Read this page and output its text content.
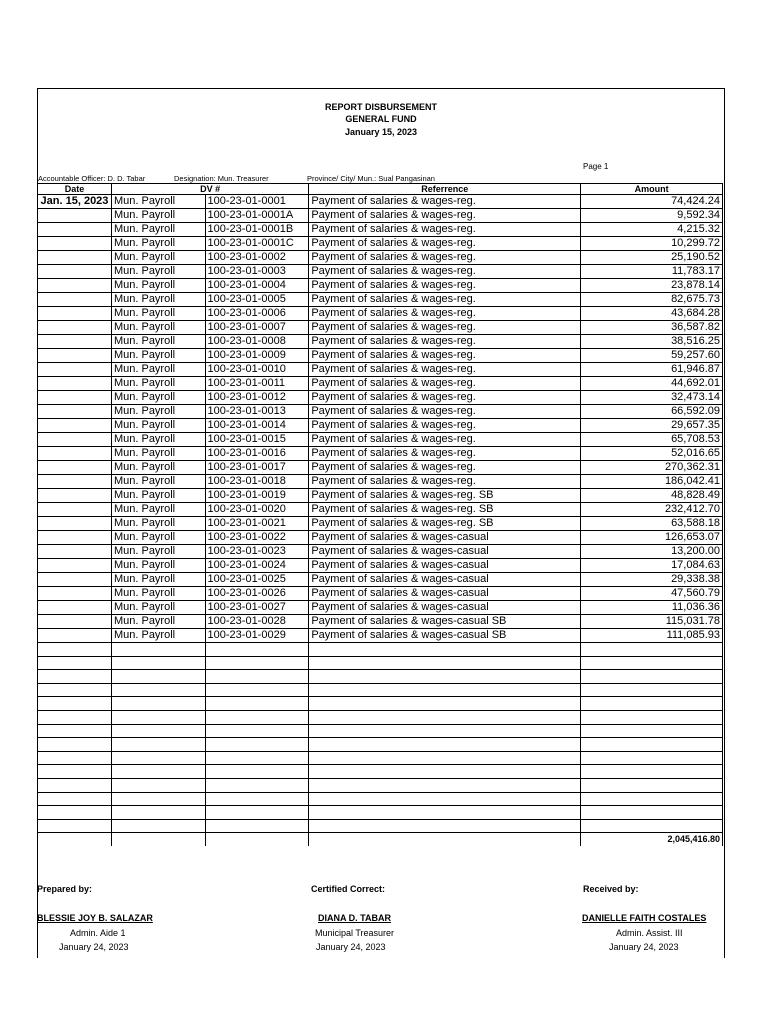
REPORT DISBURSEMENT
GENERAL FUND
January 15, 2023
Page 1
Accountable Officer: D. D. Tabar	Designation: Mun. Treasurer	Province/ City/ Mun.: Sual Pangasinan
Date	DV #		Referrence	Amount
Jan. 15, 2023	Mun. Payroll	100-23-01-0001	Payment of salaries & wages-reg.	74,424.24
	Mun. Payroll	100-23-01-0001A	Payment of salaries & wages-reg.	9,592.34
	Mun. Payroll	100-23-01-0001B	Payment of salaries & wages-reg.	4,215.32
	Mun. Payroll	100-23-01-0001C	Payment of salaries & wages-reg.	10,299.72
	Mun. Payroll	100-23-01-0002	Payment of salaries & wages-reg.	25,190.52
	Mun. Payroll	100-23-01-0003	Payment of salaries & wages-reg.	11,783.17
	Mun. Payroll	100-23-01-0004	Payment of salaries & wages-reg.	23,878.14
	Mun. Payroll	100-23-01-0005	Payment of salaries & wages-reg.	82,675.73
	Mun. Payroll	100-23-01-0006	Payment of salaries & wages-reg.	43,684.28
	Mun. Payroll	100-23-01-0007	Payment of salaries & wages-reg.	36,587.82
	Mun. Payroll	100-23-01-0008	Payment of salaries & wages-reg.	38,516.25
	Mun. Payroll	100-23-01-0009	Payment of salaries & wages-reg.	59,257.60
	Mun. Payroll	100-23-01-0010	Payment of salaries & wages-reg.	61,946.87
	Mun. Payroll	100-23-01-0011	Payment of salaries & wages-reg.	44,692.01
	Mun. Payroll	100-23-01-0012	Payment of salaries & wages-reg.	32,473.14
	Mun. Payroll	100-23-01-0013	Payment of salaries & wages-reg.	66,592.09
	Mun. Payroll	100-23-01-0014	Payment of salaries & wages-reg.	29,657.35
	Mun. Payroll	100-23-01-0015	Payment of salaries & wages-reg.	65,708.53
	Mun. Payroll	100-23-01-0016	Payment of salaries & wages-reg.	52,016.65
	Mun. Payroll	100-23-01-0017	Payment of salaries & wages-reg.	270,362.31
	Mun. Payroll	100-23-01-0018	Payment of salaries & wages-reg.	186,042.41
	Mun. Payroll	100-23-01-0019	Payment of salaries & wages-reg. SB	48,828.49
	Mun. Payroll	100-23-01-0020	Payment of salaries & wages-reg. SB	232,412.70
	Mun. Payroll	100-23-01-0021	Payment of salaries & wages-reg. SB	63,588.18
	Mun. Payroll	100-23-01-0022	Payment of salaries & wages-casual	126,653.07
	Mun. Payroll	100-23-01-0023	Payment of salaries & wages-casual	13,200.00
	Mun. Payroll	100-23-01-0024	Payment of salaries & wages-casual	17,084.63
	Mun. Payroll	100-23-01-0025	Payment of salaries & wages-casual	29,338.38
	Mun. Payroll	100-23-01-0026	Payment of salaries & wages-casual	47,560.79
	Mun. Payroll	100-23-01-0027	Payment of salaries & wages-casual	11,036.36
	Mun. Payroll	100-23-01-0028	Payment of salaries & wages-casual SB	115,031.78
	Mun. Payroll	100-23-01-0029	Payment of salaries & wages-casual SB	111,085.93

				2,045,416.80
Prepared by:	Certified Correct:	Received by:
BLESSIE JOY B. SALAZAR
Admin. Aide 1
January 24, 2023
DIANA D. TABAR
Municipal Treasurer
January 24, 2023
DANIELLE FAITH COSTALES
Admin. Assist. III
January 24, 2023
